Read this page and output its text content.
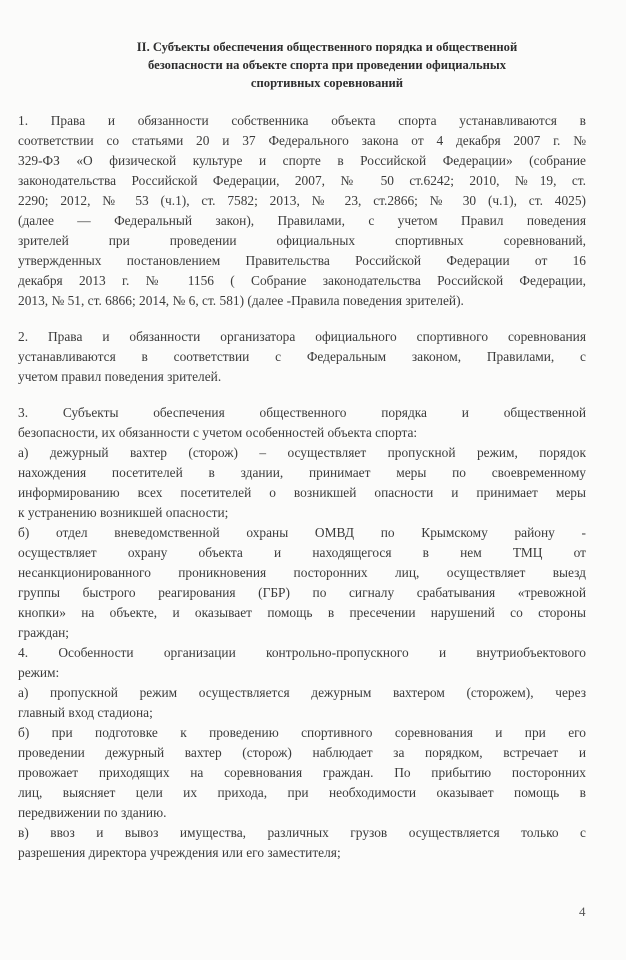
II. Субъекты обеспечения общественного порядка и общественной
безопасности на объекте спорта при проведении официальных
спортивных соревнований
1. Права и обязанности собственника объекта спорта устанавливаются в
соответствии со статьями 20 и 37 Федерального закона от 4 декабря 2007 г. №
329-ФЗ «О физической культуре и спорте в Российской Федерации» (собрание
законодательства Российской Федерации, 2007, № 50 ст.6242; 2010, №19, ст.
2290; 2012, № 53 (ч.1), ст. 7582; 2013, № 23, ст.2866; № 30 (ч.1), ст. 4025)
(далее — Федеральный закон), Правилами, с учетом Правил поведения
зрителей при проведении официальных спортивных соревнований,
утвержденных постановлением Правительства Российской Федерации от 16
декабря 2013 г. № 1156 ( Собрание законодательства Российской Федерации,
2013, № 51, ст. 6866; 2014, № 6, ст. 581) (далее -Правила поведения зрителей).
2. Права и обязанности организатора официального спортивного соревнования
устанавливаются в соответствии с Федеральным законом, Правилами, с
учетом правил поведения зрителей.
3. Субъекты обеспечения общественного порядка и общественной
безопасности, их обязанности с учетом особенностей объекта спорта:
а) дежурный вахтер (сторож) – осуществляет пропускной режим, порядок
нахождения посетителей в здании, принимает меры по своевременному
информированию всех посетителей о возникшей опасности и принимает меры
к устранению возникшей опасности;
б) отдел вневедомственной охраны ОМВД по Крымскому району -
осуществляет охрану объекта и находящегося в нем ТМЦ от
несанкционированного проникновения посторонних лиц, осуществляет выезд
группы быстрого реагирования (ГБР) по сигналу срабатывания «тревожной
кнопки» на объекте, и оказывает помощь в пресечении нарушений со стороны
граждан;
4. Особенности организации контрольно-пропускного и внутриобъектового
режим:
а) пропускной режим осуществляется дежурным вахтером (сторожем), через
главный вход стадиона;
б) при подготовке к проведению спортивного соревнования и при его
проведении дежурный вахтер (сторож) наблюдает за порядком, встречает и
провожает приходящих на соревнования граждан. По прибытию посторонних
лиц, выясняет цели их прихода, при необходимости оказывает помощь в
передвижении по зданию.
в) ввоз и вывоз имущества, различных грузов осуществляется только с
разрешения директора учреждения или его заместителя;
4
